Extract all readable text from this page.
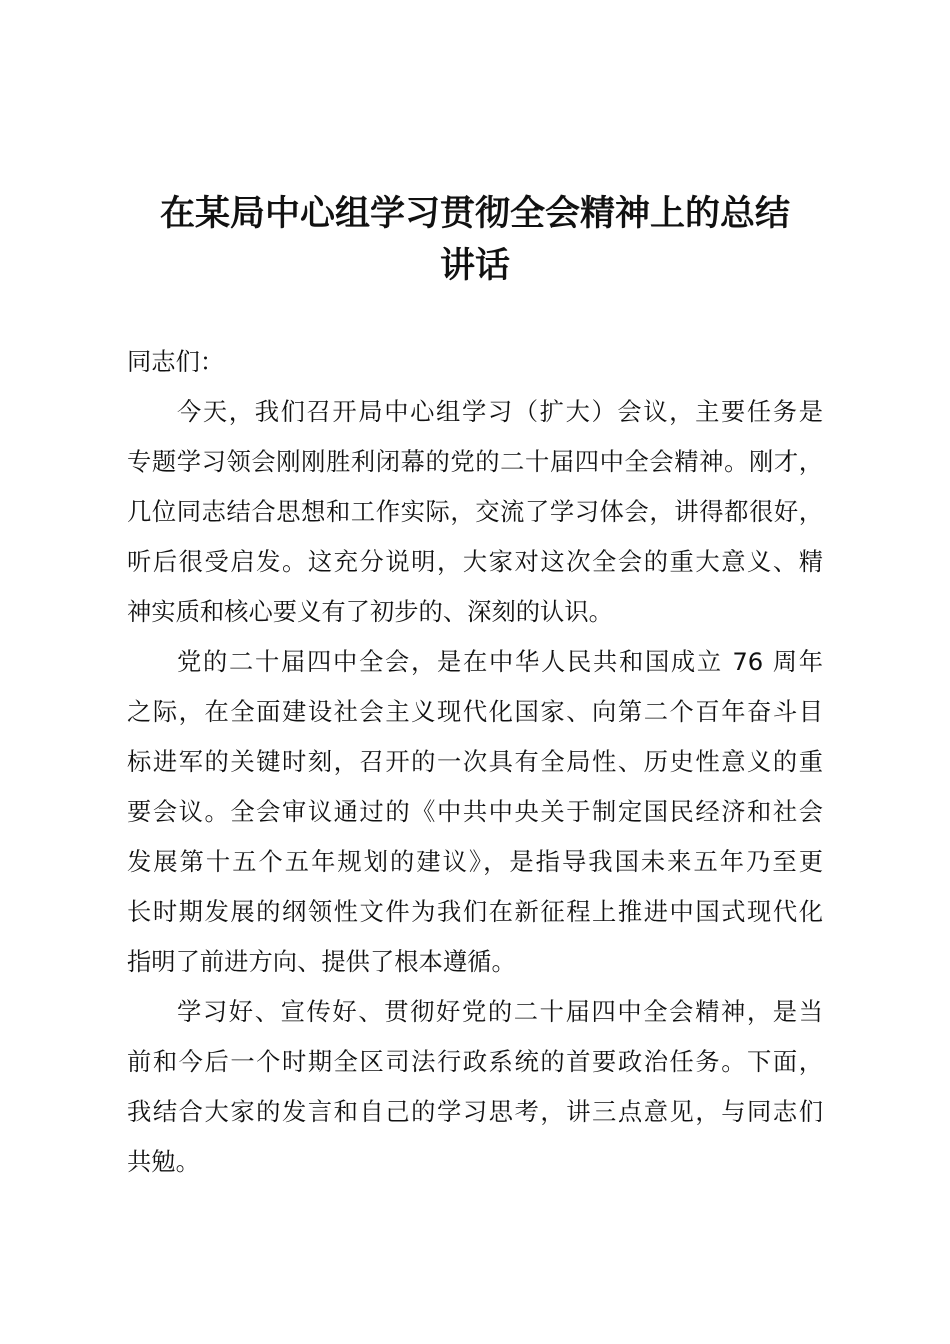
在某局中心组学习贯彻全会精神上的总结
讲话
同志们：
今天，我们召开局中心组学习（扩大）会议，主要任务是
专题学习领会刚刚胜利闭幕的党的二十届四中全会精神。刚才，
几位同志结合思想和工作实际，交流了学习体会，讲得都很好，
听后很受启发。这充分说明，大家对这次全会的重大意义、精
神实质和核心要义有了初步的、深刻的认识。
党的二十届四中全会，是在中华人民共和国成立 76 周年
之际，在全面建设社会主义现代化国家、向第二个百年奋斗目
标进军的关键时刻，召开的一次具有全局性、历史性意义的重
要会议。全会审议通过的《中共中央关于制定国民经济和社会
发展第十五个五年规划的建议》，是指导我国未来五年乃至更
长时期发展的纲领性文件为我们在新征程上推进中国式现代化
指明了前进方向、提供了根本遵循。
学习好、宣传好、贯彻好党的二十届四中全会精神，是当
前和今后一个时期全区司法行政系统的首要政治任务。下面，
我结合大家的发言和自己的学习思考，讲三点意见，与同志们
共勉。
